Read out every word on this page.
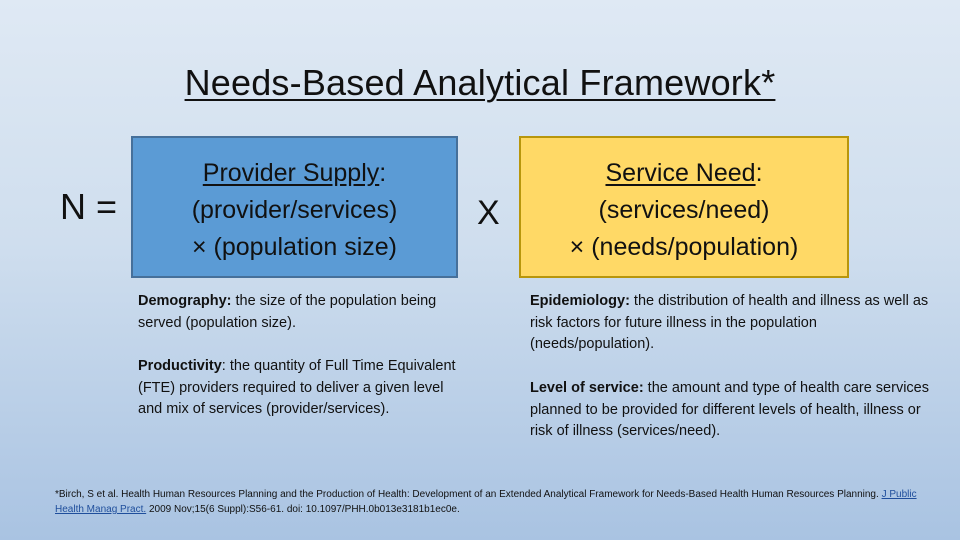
Needs-Based Analytical Framework*
N =
Provider Supply:
(provider/services)
× (population size)
X
Service Need:
(services/need)
× (needs/population)
Demography: the size of the population being served (population size).
Productivity: the quantity of Full Time Equivalent (FTE) providers required to deliver a given level and mix of services (provider/services).
Epidemiology: the distribution of health and illness as well as risk factors for future illness in the population (needs/population).
Level of service: the amount and type of health care services planned to be provided for different levels of health, illness or risk of illness (services/need).
*Birch, S et al. Health Human Resources Planning and the Production of Health: Development of an Extended Analytical Framework for Needs-Based Health Human Resources Planning. J Public Health Manag Pract. 2009 Nov;15(6 Suppl):S56-61. doi: 10.1097/PHH.0b013e3181b1ec0e.
